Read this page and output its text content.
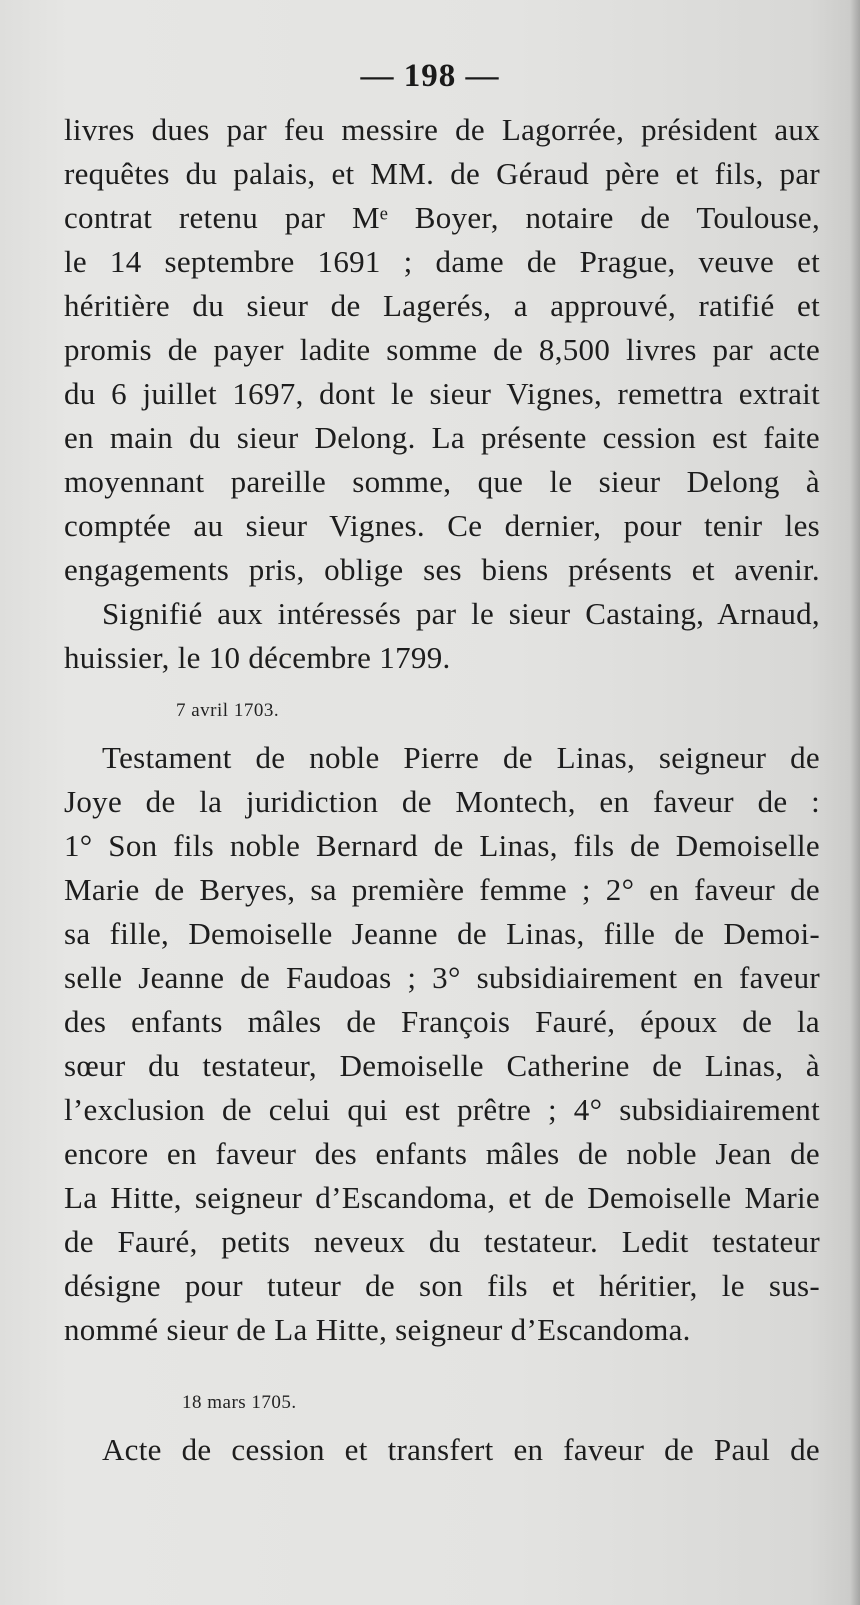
— 198 —
livres dues par feu messire de Lagorrée, président aux
requêtes du palais, et MM. de Géraud père et fils, par
contrat retenu par Mᵉ Boyer, notaire de Toulouse,
le 14 septembre 1691 ; dame de Prague, veuve et
héritière du sieur de Lagerés, a approuvé, ratifié et
promis de payer ladite somme de 8,500 livres par acte
du 6 juillet 1697, dont le sieur Vignes, remettra extrait
en main du sieur Delong. La présente cession est faite
moyennant pareille somme, que le sieur Delong à
comptée au sieur Vignes. Ce dernier, pour tenir les
engagements pris, oblige ses biens présents et avenir.
Signifié aux intéressés par le sieur Castaing, Arnaud,
huissier, le 10 décembre 1799.
7 avril 1703.
Testament de noble Pierre de Linas, seigneur de
Joye de la juridiction de Montech, en faveur de :
1° Son fils noble Bernard de Linas, fils de Demoiselle
Marie de Beryes, sa première femme ; 2° en faveur de
sa fille, Demoiselle Jeanne de Linas, fille de Demoi-
selle Jeanne de Faudoas ; 3° subsidiairement en faveur
des enfants mâles de François Fauré, époux de la
sœur du testateur, Demoiselle Catherine de Linas, à
l’exclusion de celui qui est prêtre ; 4° subsidiairement
encore en faveur des enfants mâles de noble Jean de
La Hitte, seigneur d’Escandoma, et de Demoiselle Marie
de Fauré, petits neveux du testateur. Ledit testateur
désigne pour tuteur de son fils et héritier, le sus-
nommé sieur de La Hitte, seigneur d’Escandoma.
18 mars 1705.
Acte de cession et transfert en faveur de Paul de
